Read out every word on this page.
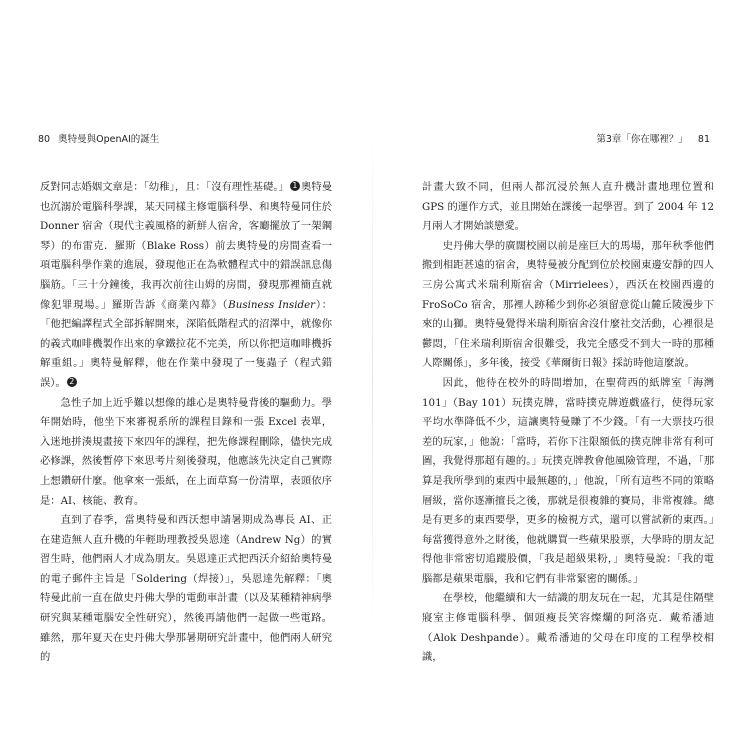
80 奧特曼與OpenAI的誕生

反對同志婚姻文章是：「幼稚」，且：「沒有理性基礎。」 1 奧特曼也沉溺於電腦科學課，某天同樣主修電腦科學、和奧特曼同住於 Donner 宿舍（現代主義風格的新鮮人宿舍，客廳擺放了一架鋼琴）的布雷克．羅斯（Blake Ross）前去奧特曼的房間查看一項電腦科學作業的進展，發現他正在為軟體程式中的錯誤訊息傷腦筋。「三十分鐘後，我再次前往山姆的房間，發現那裡簡直就像犯罪現場。」羅斯告訴《商業內幕》（Business Insider）：「他把編譯程式全部拆解開來，深陷低階程式的沼澤中，就像你的義式咖啡機製作出來的拿鐵拉花不完美，所以你把這咖啡機拆解重組。」奧特曼解釋，他在作業中發現了一隻蟲子（程式錯誤）。 2

急性子加上近乎難以想像的雄心是奧特曼背後的驅動力。學年開始時，他坐下來審視系所的課程目錄和一張 Excel 表單，入迷地拼湊規畫接下來四年的課程，把先修課程刪除，儘快完成必修課，然後暫停下來思考片刻後發現，他應該先決定自己實際上想鑽研什麼。他拿來一張紙，在上面草寫一份清單，表頭依序是：AI、核能、教育。

直到了春季，當奧特曼和西沃想申請暑期成為專長 AI、正在建造無人直升機的年輕助理教授吳恩達（Andrew Ng）的實習生時，他們兩人才成為朋友。吳恩達正式把西沃介紹給奧特曼的電子郵件主旨是「Soldering（焊接）」，吳恩達先解釋：「奧特曼此前一直在做史丹佛大學的電動車計畫（以及某種精神病學研究與某種電腦安全性研究），然後再請他們一起做一些電路。雖然，那年夏天在史丹佛大學那暑期研究計畫中，他們兩人研究的

第3章「你在哪裡？」 81

計畫大致不同，但兩人都沉浸於無人直升機計畫地理位置和 GPS 的運作方式，並且開始在課後一起學習。到了 2004 年 12 月兩人才開始談戀愛。

史丹佛大學的廣闊校園以前是座巨大的馬場，那年秋季他們搬到相距甚遠的宿舍，奧特曼被分配到位於校園東邊安靜的四人三房公寓式米瑞利斯宿舍（Mirrielees），西沃在校園西邊的 FroSoCo 宿舍，那裡人跡稀少到你必須留意從山麓丘陵漫步下來的山獅。奧特曼覺得米瑞利斯宿舍沒什麼社交活動，心裡很是鬱悶，「住米瑞利斯宿舍很難受，我完全感受不到大一時的那種人際關係」，多年後，接受《華爾街日報》採訪時他這麼說。

因此，他待在校外的時間增加，在聖荷西的紙牌室「海灣 101」（Bay 101）玩撲克牌，當時撲克牌遊戲盛行，使得玩家平均水準降低不少，這讓奧特曼賺了不少錢。「有一大票技巧很差的玩家，」他說：「當時，若你下注限額低的撲克牌非常有利可圖，我覺得那超有趣的。」玩撲克牌教會他風險管理，不過，「那算是我所學到的東西中最無趣的，」他說，「所有這些不同的策略層級，當你逐漸擅長之後，那就是很複雜的賽局，非常複雜。總是有更多的東西要學，更多的檢視方式，還可以嘗試新的東西。」每當獲得意外之財後，他就購買一些蘋果股票，大學時的朋友記得他非常密切追蹤股價，「我是超級果粉，」奧特曼說：「我的電腦都是蘋果電腦，我和它們有非常緊密的關係。」

在學校，他繼續和大一結識的朋友玩在一起，尤其是住隔壁寢室主修電腦科學、個頭瘦長笑容燦爛的阿洛克．戴希潘迪（Alok Deshpande）。戴希潘迪的父母在印度的工程學校相識，
